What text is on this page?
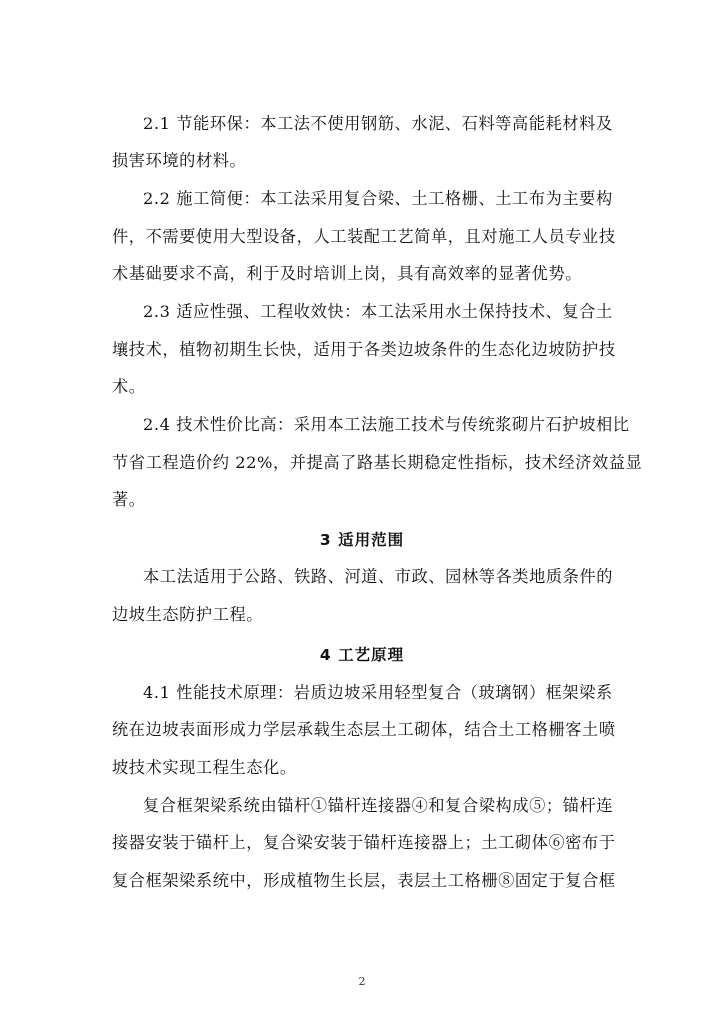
2.1 节能环保：本工法不使用钢筋、水泥、石料等高能耗材料及
损害环境的材料。
2.2 施工简便：本工法采用复合梁、土工格栅、土工布为主要构
件，不需要使用大型设备，人工装配工艺简单，且对施工人员专业技
术基础要求不高，利于及时培训上岗，具有高效率的显著优势。
2.3 适应性强、工程收效快：本工法采用水土保持技术、复合土
壤技术，植物初期生长快，适用于各类边坡条件的生态化边坡防护技
术。
2.4 技术性价比高：采用本工法施工技术与传统浆砌片石护坡相比
节省工程造价约 22%，并提高了路基长期稳定性指标，技术经济效益显
著。
3 适用范围
本工法适用于公路、铁路、河道、市政、园林等各类地质条件的
边坡生态防护工程。
4 工艺原理
4.1 性能技术原理：岩质边坡采用轻型复合（玻璃钢）框架梁系
统在边坡表面形成力学层承载生态层土工砌体，结合土工格栅客土喷
坡技术实现工程生态化。
复合框架梁系统由锚杆①锚杆连接器④和复合梁构成⑤；锚杆连
接器安装于锚杆上，复合梁安装于锚杆连接器上；土工砌体⑥密布于
复合框架梁系统中，形成植物生长层，表层土工格栅⑧固定于复合框
2
